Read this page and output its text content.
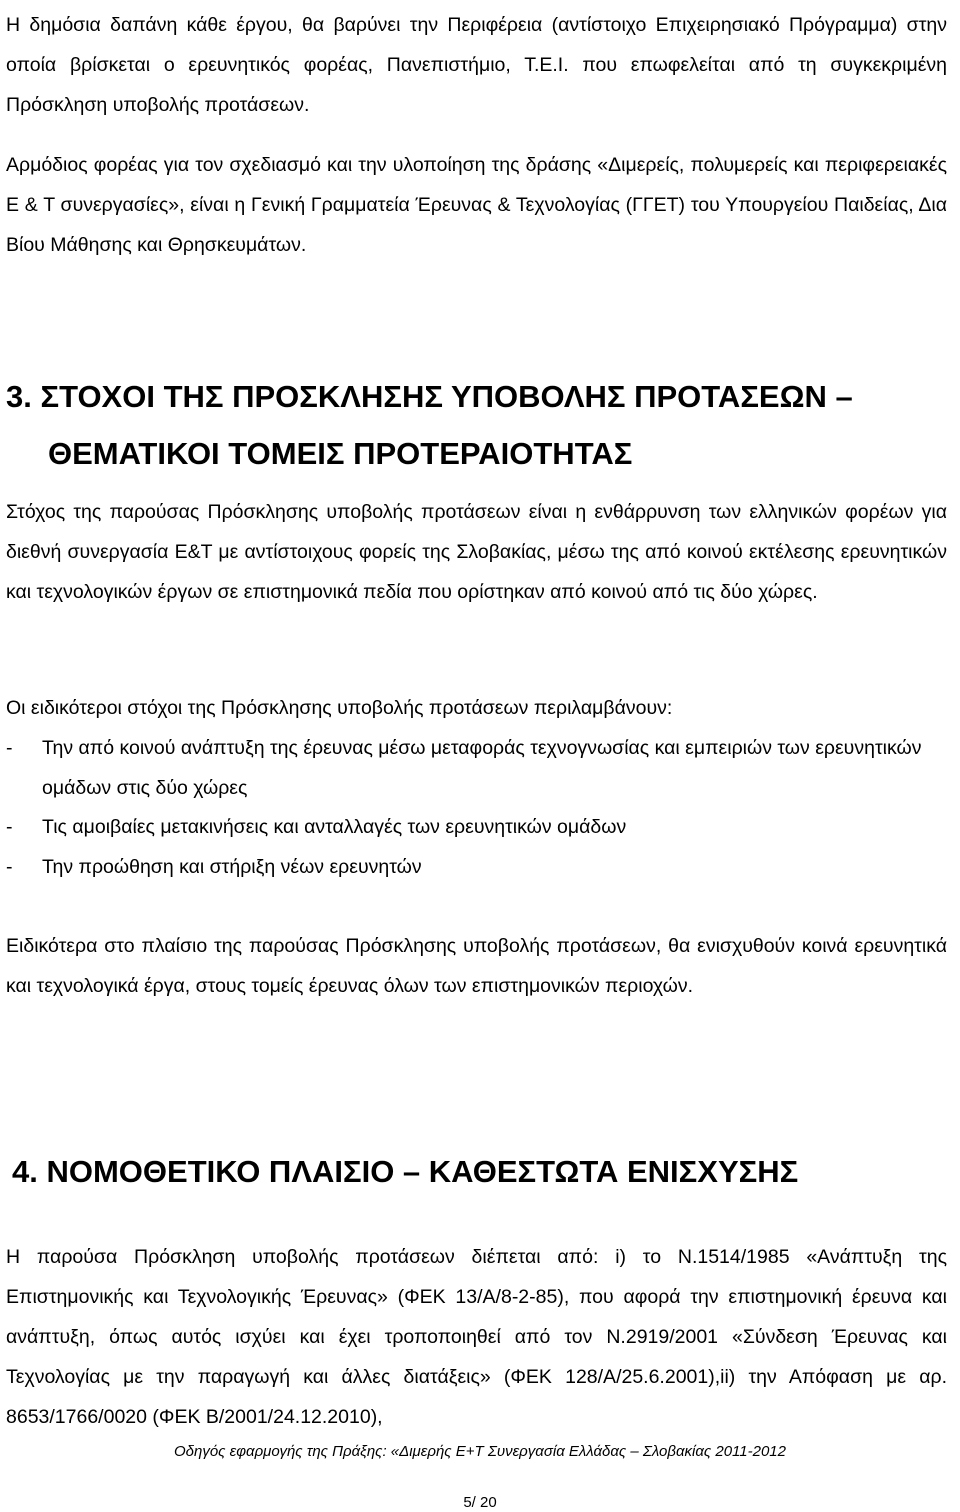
Η δημόσια δαπάνη κάθε έργου, θα βαρύνει την Περιφέρεια (αντίστοιχο Επιχειρησιακό Πρόγραμμα) στην οποία βρίσκεται ο ερευνητικός φορέας, Πανεπιστήμιο, Τ.Ε.Ι. που επωφελείται από τη συγκεκριμένη Πρόσκληση υποβολής προτάσεων.

Αρμόδιος φορέας για τον σχεδιασμό και την υλοποίηση της δράσης «Διμερείς, πολυμερείς και περιφερειακές Ε & Τ συνεργασίες», είναι η Γενική Γραμματεία Έρευνας & Τεχνολογίας (ΓΓΕΤ) του Υπουργείου Παιδείας, Δια Βίου Μάθησης και Θρησκευμάτων.

3. ΣΤΟΧΟΙ ΤΗΣ ΠΡΟΣΚΛΗΣΗΣ ΥΠΟΒΟΛΗΣ ΠΡΟΤΑΣΕΩΝ –
ΘΕΜΑΤΙΚΟΙ ΤΟΜΕΙΣ ΠΡΟΤΕΡΑΙΟΤΗΤΑΣ

Στόχος της παρούσας Πρόσκλησης υποβολής προτάσεων είναι η ενθάρρυνση των ελληνικών φορέων για διεθνή συνεργασία Ε&Τ με αντίστοιχους φορείς της Σλοβακίας, μέσω της από κοινού εκτέλεσης ερευνητικών και τεχνολογικών έργων σε επιστημονικά πεδία που ορίστηκαν από κοινού από τις δύο χώρες.

Οι ειδικότεροι στόχοι της Πρόσκλησης υποβολής προτάσεων περιλαμβάνουν:

- Την από κοινού ανάπτυξη της έρευνας μέσω μεταφοράς τεχνογνωσίας και εμπειριών των ερευνητικών ομάδων στις δύο χώρες
- Τις αμοιβαίες μετακινήσεις και ανταλλαγές των ερευνητικών ομάδων
- Την προώθηση και στήριξη νέων ερευνητών

Ειδικότερα στο πλαίσιο της παρούσας Πρόσκλησης υποβολής προτάσεων, θα ενισχυθούν κοινά ερευνητικά και τεχνολογικά έργα, στους τομείς έρευνας όλων των επιστημονικών περιοχών.

4. ΝΟΜΟΘΕΤΙΚΟ ΠΛΑΙΣΙΟ – ΚΑΘΕΣΤΩΤΑ ΕΝΙΣΧΥΣΗΣ

Η παρούσα Πρόσκληση υποβολής προτάσεων διέπεται από: i) το Ν.1514/1985 «Ανάπτυξη της Επιστημονικής και Τεχνολογικής Έρευνας» (ΦΕΚ 13/Α/8-2-85), που αφορά την επιστημονική έρευνα και ανάπτυξη, όπως αυτός ισχύει και έχει τροποποιηθεί από τον Ν.2919/2001 «Σύνδεση Έρευνας και Τεχνολογίας με την παραγωγή και άλλες διατάξεις» (ΦΕΚ 128/Α/25.6.2001),ii) την Απόφαση με αρ. 8653/1766/0020 (ΦΕΚ Β/2001/24.12.2010),

Οδηγός εφαρμογής της Πράξης: «Διμερής Ε+Τ Συνεργασία Ελλάδας – Σλοβακίας 2011-2012
5/ 20
